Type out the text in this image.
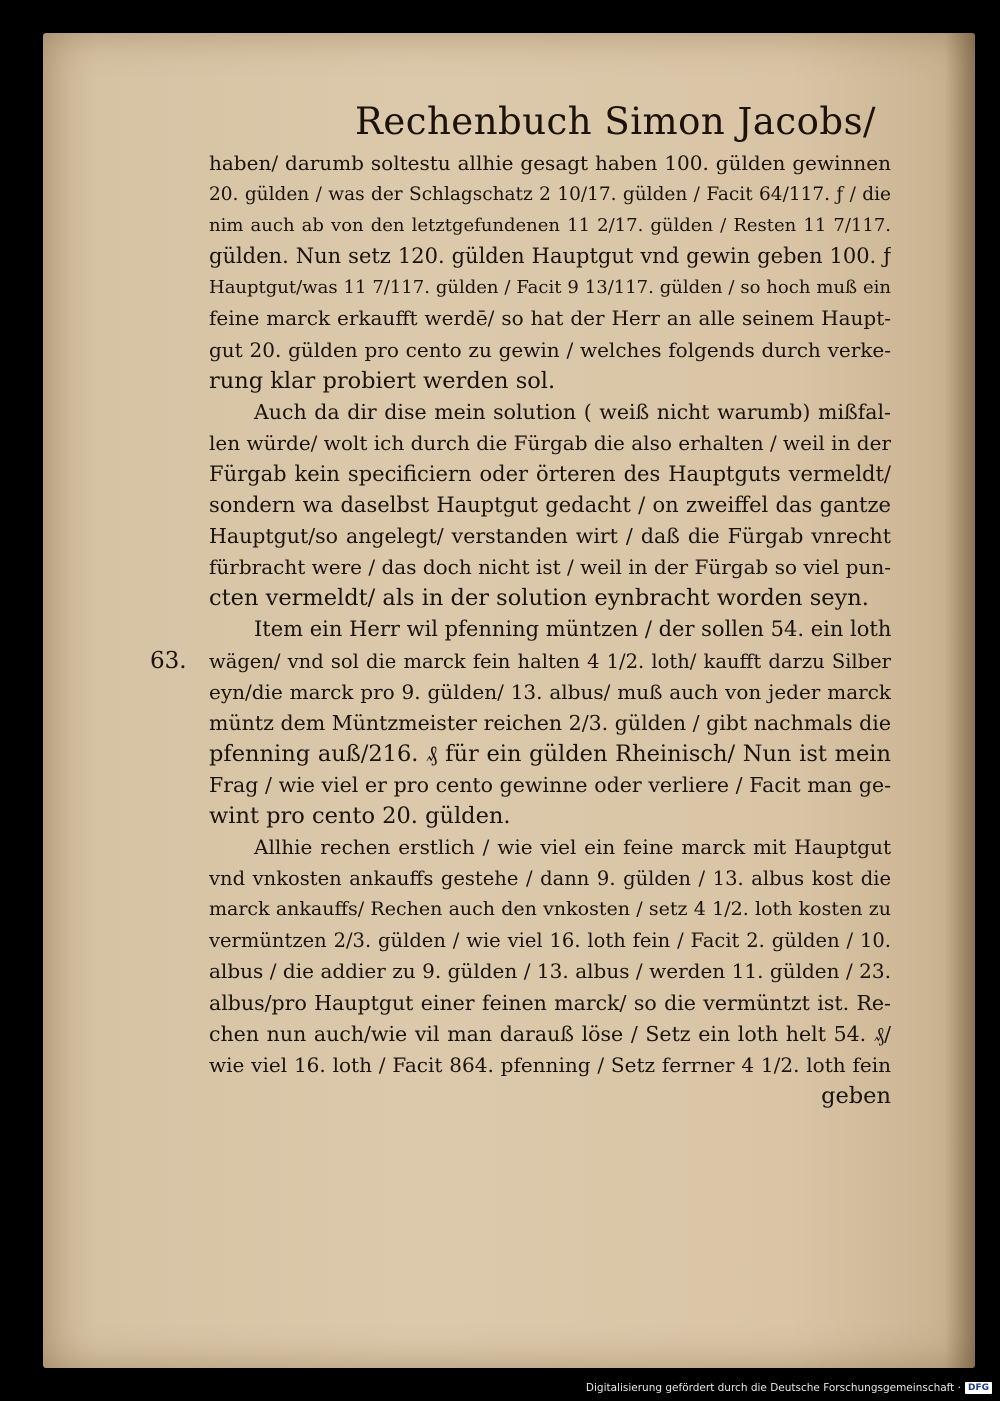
Rechenbuch Simon Jacobs/
63.
haben/ darumb soltestu allhie gesagt haben 100. gülden gewinnen
20. gülden / was der Schlagschatz 2 10/17. gülden / Facit 64/117. ƒ / die
nim auch ab von den letztgefundenen 11 2/17. gülden / Resten 11 7/117.
gülden. Nun setz 120. gülden Hauptgut vnd gewin geben 100. ƒ
Hauptgut/was 11 7/117. gülden / Facit 9 13/117. gülden / so hoch muß ein
feine marck erkaufft werdē/ so hat der Herr an alle seinem Haupt-
gut 20. gülden pro cento zu gewin / welches folgends durch verke-
rung klar probiert werden sol.
Auch da dir dise mein solution ( weiß nicht warumb) mißfal-
len würde/ wolt ich durch die Fürgab die also erhalten / weil in der
Fürgab kein specificiern oder örteren des Hauptguts vermeldt/
sondern wa daselbst Hauptgut gedacht / on zweiffel das gantze
Hauptgut/so angelegt/ verstanden wirt / daß die Fürgab vnrecht
fürbracht were / das doch nicht ist / weil in der Fürgab so viel pun-
cten vermeldt/ als in der solution eynbracht worden seyn.
Item ein Herr wil pfenning müntzen / der sollen 54. ein loth
wägen/ vnd sol die marck fein halten 4 1/2. loth/ kaufft darzu Silber
eyn/die marck pro 9. gülden/ 13. albus/ muß auch von jeder marck
müntz dem Müntzmeister reichen 2/3. gülden / gibt nachmals die
pfenning auß/216. ₰ für ein gülden Rheinisch/ Nun ist mein
Frag / wie viel er pro cento gewinne oder verliere / Facit man ge-
wint pro cento 20. gülden.
Allhie rechen erstlich / wie viel ein feine marck mit Hauptgut
vnd vnkosten ankauffs gestehe / dann 9. gülden / 13. albus kost die
marck ankauffs/ Rechen auch den vnkosten / setz 4 1/2. loth kosten zu
vermüntzen 2/3. gülden / wie viel 16. loth fein / Facit 2. gülden / 10.
albus / die addier zu 9. gülden / 13. albus / werden 11. gülden / 23.
albus/pro Hauptgut einer feinen marck/ so die vermüntzt ist. Re-
chen nun auch/wie vil man darauß löse / Setz ein loth helt 54. ₰/
wie viel 16. loth / Facit 864. pfenning / Setz ferrner 4 1/2. loth fein
geben
Digitalisierung gefördert durch die Deutsche Forschungsgemeinschaft · DFG
